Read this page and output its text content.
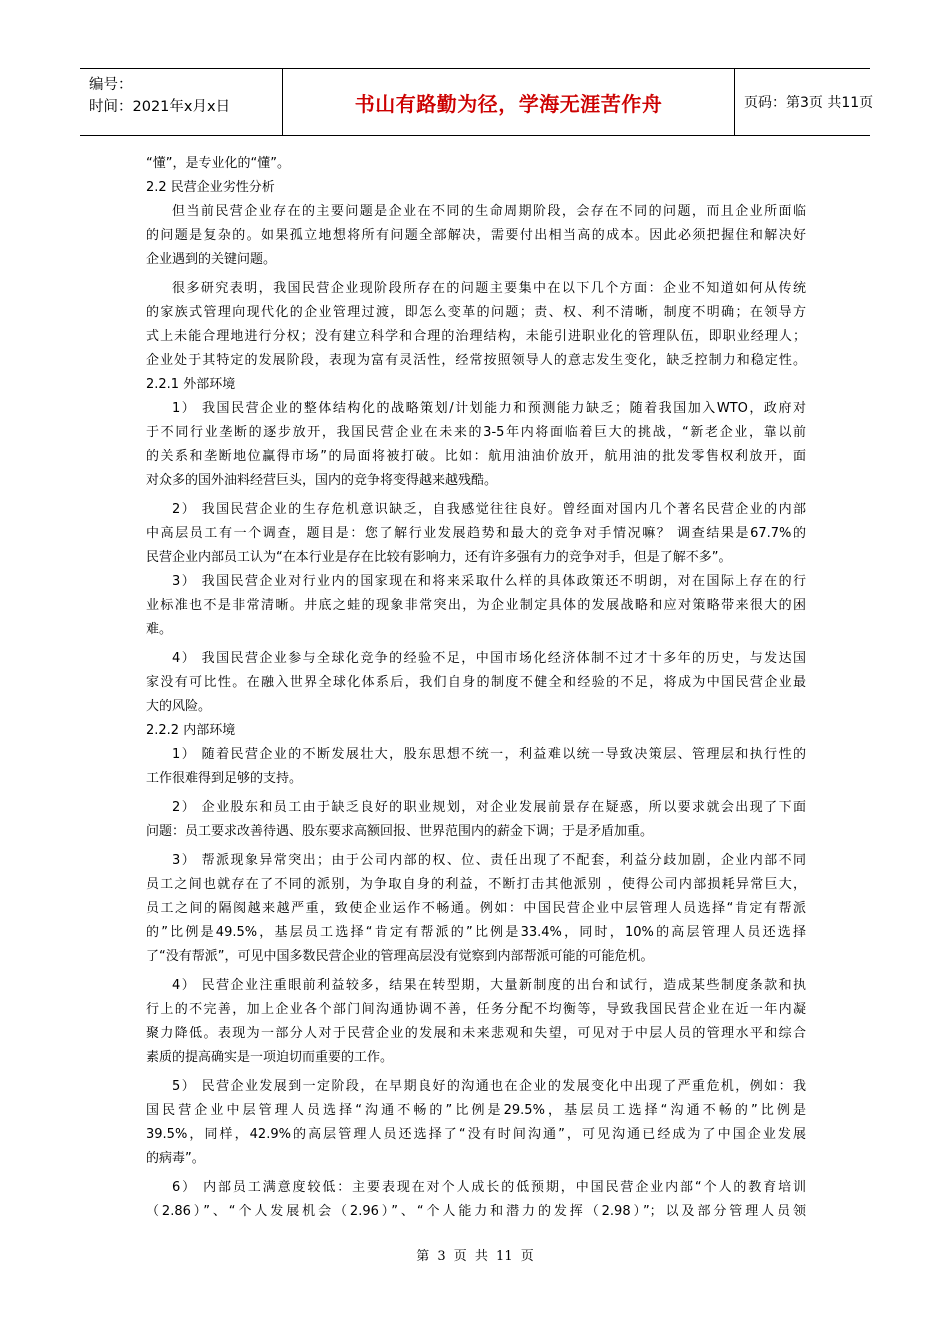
编号：
时间：2021年x月x日	书山有路勤为径，学海无涯苦作舟	页码：第3页 共11页
“懂”，是专业化的“懂”。
2.2 民营企业劣性分析
但当前民营企业存在的主要问题是企业在不同的生命周期阶段，会存在不同的问题，而且企业所面临
的问题是复杂的。如果孤立地想将所有问题全部解决，需要付出相当高的成本。因此必须把握住和解决好
企业遇到的关键问题。
很多研究表明，我国民营企业现阶段所存在的问题主要集中在以下几个方面：企业不知道如何从传统
的家族式管理向现代化的企业管理过渡，即怎么变革的问题；责、权、利不清晰，制度不明确；在领导方
式上未能合理地进行分权；没有建立科学和合理的治理结构，未能引进职业化的管理队伍，即职业经理人；
企业处于其特定的发展阶段，表现为富有灵活性，经常按照领导人的意志发生变化，缺乏控制力和稳定性。
2.2.1 外部环境
1） 我国民营企业的整体结构化的战略策划/计划能力和预测能力缺乏；随着我国加入WTO，政府对
于不同行业垄断的逐步放开，我国民营企业在未来的3-5年内将面临着巨大的挑战，“新老企业，靠以前
的关系和垄断地位赢得市场”的局面将被打破。比如：航用油油价放开，航用油的批发零售权利放开，面
对众多的国外油料经营巨头，国内的竞争将变得越来越残酷。
2） 我国民营企业的生存危机意识缺乏，自我感觉往往良好。曾经面对国内几个著名民营企业的内部
中高层员工有一个调查，题目是：您了解行业发展趋势和最大的竞争对手情况嘛？ 调查结果是67.7%的
民营企业内部员工认为“在本行业是存在比较有影响力，还有许多强有力的竞争对手，但是了解不多”。
3） 我国民营企业对行业内的国家现在和将来采取什么样的具体政策还不明朗，对在国际上存在的行
业标准也不是非常清晰。井底之蛙的现象非常突出，为企业制定具体的发展战略和应对策略带来很大的困
难。
4） 我国民营企业参与全球化竞争的经验不足，中国市场化经济体制不过才十多年的历史，与发达国
家没有可比性。在融入世界全球化体系后，我们自身的制度不健全和经验的不足，将成为中国民营企业最
大的风险。
2.2.2 内部环境
1） 随着民营企业的不断发展壮大，股东思想不统一，利益难以统一导致决策层、管理层和执行性的
工作很难得到足够的支持。
2） 企业股东和员工由于缺乏良好的职业规划，对企业发展前景存在疑惑，所以要求就会出现了下面
问题：员工要求改善待遇、股东要求高额回报、世界范围内的薪金下调；于是矛盾加重。
3） 帮派现象异常突出；由于公司内部的权、位、责任出现了不配套，利益分歧加剧，企业内部不同
员工之间也就存在了不同的派别，为争取自身的利益，不断打击其他派别 ，使得公司内部损耗异常巨大，
员工之间的隔阂越来越严重，致使企业运作不畅通。例如：中国民营企业中层管理人员选择“肯定有帮派
的”比例是49.5%，基层员工选择“肯定有帮派的”比例是33.4%，同时，10%的高层管理人员还选择
了“没有帮派”，可见中国多数民营企业的管理高层没有觉察到内部帮派可能的可能危机。
4） 民营企业注重眼前利益较多，结果在转型期，大量新制度的出台和试行，造成某些制度条款和执
行上的不完善，加上企业各个部门间沟通协调不善，任务分配不均衡等，导致我国民营企业在近一年内凝
聚力降低。表现为一部分人对于民营企业的发展和未来悲观和失望，可见对于中层人员的管理水平和综合
素质的提高确实是一项迫切而重要的工作。
5） 民营企业发展到一定阶段，在早期良好的沟通也在企业的发展变化中出现了严重危机，例如：我
国民营企业中层管理人员选择“沟通不畅的”比例是29.5%，基层员工选择“沟通不畅的”比例是
39.5%，同样，42.9%的高层管理人员还选择了“没有时间沟通”，可见沟通已经成为了中国企业发展
的病毒”。
6） 内部员工满意度较低：主要表现在对个人成长的低预期，中国民营企业内部“个人的教育培训
（2.86）”、“个人发展机会（2.96）”、“个人能力和潜力的发挥（2.98）”；以及部分管理人员领
第 3 页 共 11 页
